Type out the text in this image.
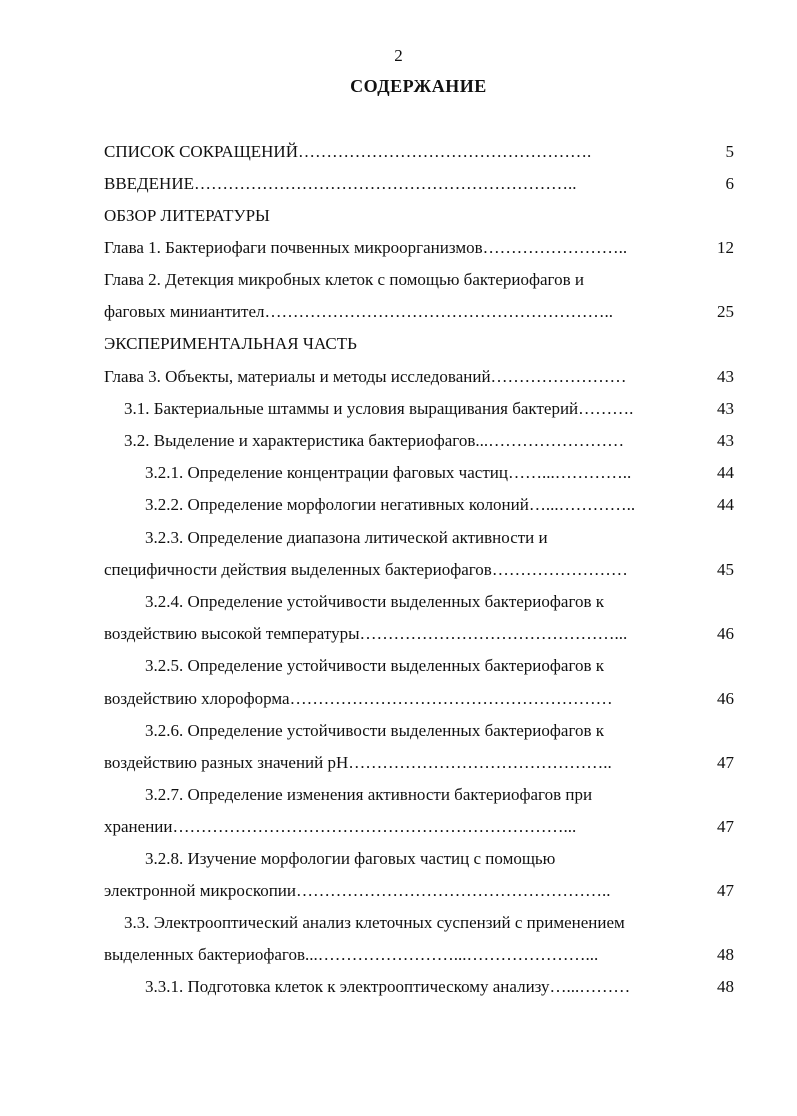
2
СОДЕРЖАНИЕ
СПИСОК СОКРАЩЕНИЙ…………………………………………….	5
ВВЕДЕНИЕ…………………………………………………………..	6
ОБЗОР ЛИТЕРАТУРЫ
Глава 1. Бактериофаги почвенных микроорганизмов……………………..	12
Глава 2. Детекция микробных клеток с помощью бактериофагов и
фаговых миниантител……………………………………………………..	25
ЭКСПЕРИМЕНТАЛЬНАЯ ЧАСТЬ
Глава 3. Объекты, материалы и методы исследований……………………	43
3.1. Бактериальные штаммы и условия выращивания бактерий……….	43
3.2. Выделение и характеристика бактериофагов...……………………	43
3.2.1. Определение концентрации фаговых частиц……...…………..	44
3.2.2. Определение морфологии негативных колоний…...…………..	44
3.2.3. Определение диапазона литической активности и
специфичности действия выделенных бактериофагов……………………	45
3.2.4. Определение устойчивости выделенных бактериофагов к
воздействию высокой температуры………………………………………...	46
3.2.5. Определение устойчивости выделенных бактериофагов к
воздействию хлороформа…………………………………………………	46
3.2.6. Определение устойчивости выделенных бактериофагов к
воздействию разных значений рН………………………………………..	47
3.2.7. Определение изменения активности бактериофагов при
хранении……………………………………………………………...	47
3.2.8. Изучение морфологии фаговых частиц с помощью
электронной микроскопии………………………………………………..	47
3.3. Электрооптический анализ клеточных суспензий с применением
выделенных бактериофагов...……………………...…………………...	48
3.3.1. Подготовка клеток к электрооптическому анализу…...………	48
